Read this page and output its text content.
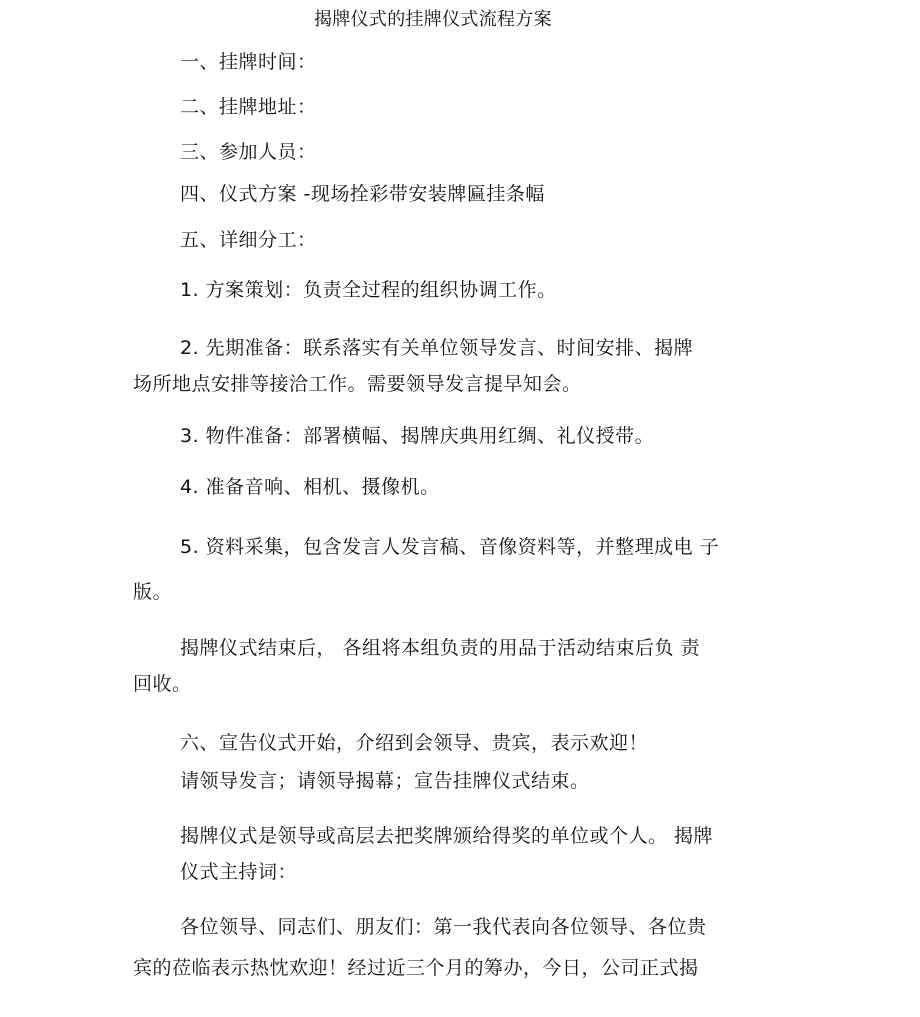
揭牌仪式的挂牌仪式流程方案
一、挂牌时间：
二、挂牌地址：
三、参加人员：
四、仪式方案 -现场拴彩带安装牌匾挂条幅
五、详细分工：
1. 方案策划：负责全过程的组织协调工作。
2. 先期准备：联系落实有关单位领导发言、时间安排、揭牌
场所地点安排等接洽工作。需要领导发言提早知会。
3. 物件准备：部署横幅、揭牌庆典用红绸、礼仪授带。
4. 准备音响、相机、摄像机。
5. 资料采集，包含发言人发言稿、音像资料等，并整理成电 子
版。
揭牌仪式结束后， 各组将本组负责的用品于活动结束后负 责
回收。
六、宣告仪式开始，介绍到会领导、贵宾，表示欢迎！
请领导发言；请领导揭幕；宣告挂牌仪式结束。
揭牌仪式是领导或高层去把奖牌颁给得奖的单位或个人。 揭牌
仪式主持词：
各位领导、同志们、朋友们：第一我代表向各位领导、各位贵
宾的莅临表示热忱欢迎！经过近三个月的筹办，今日，公司正式揭
